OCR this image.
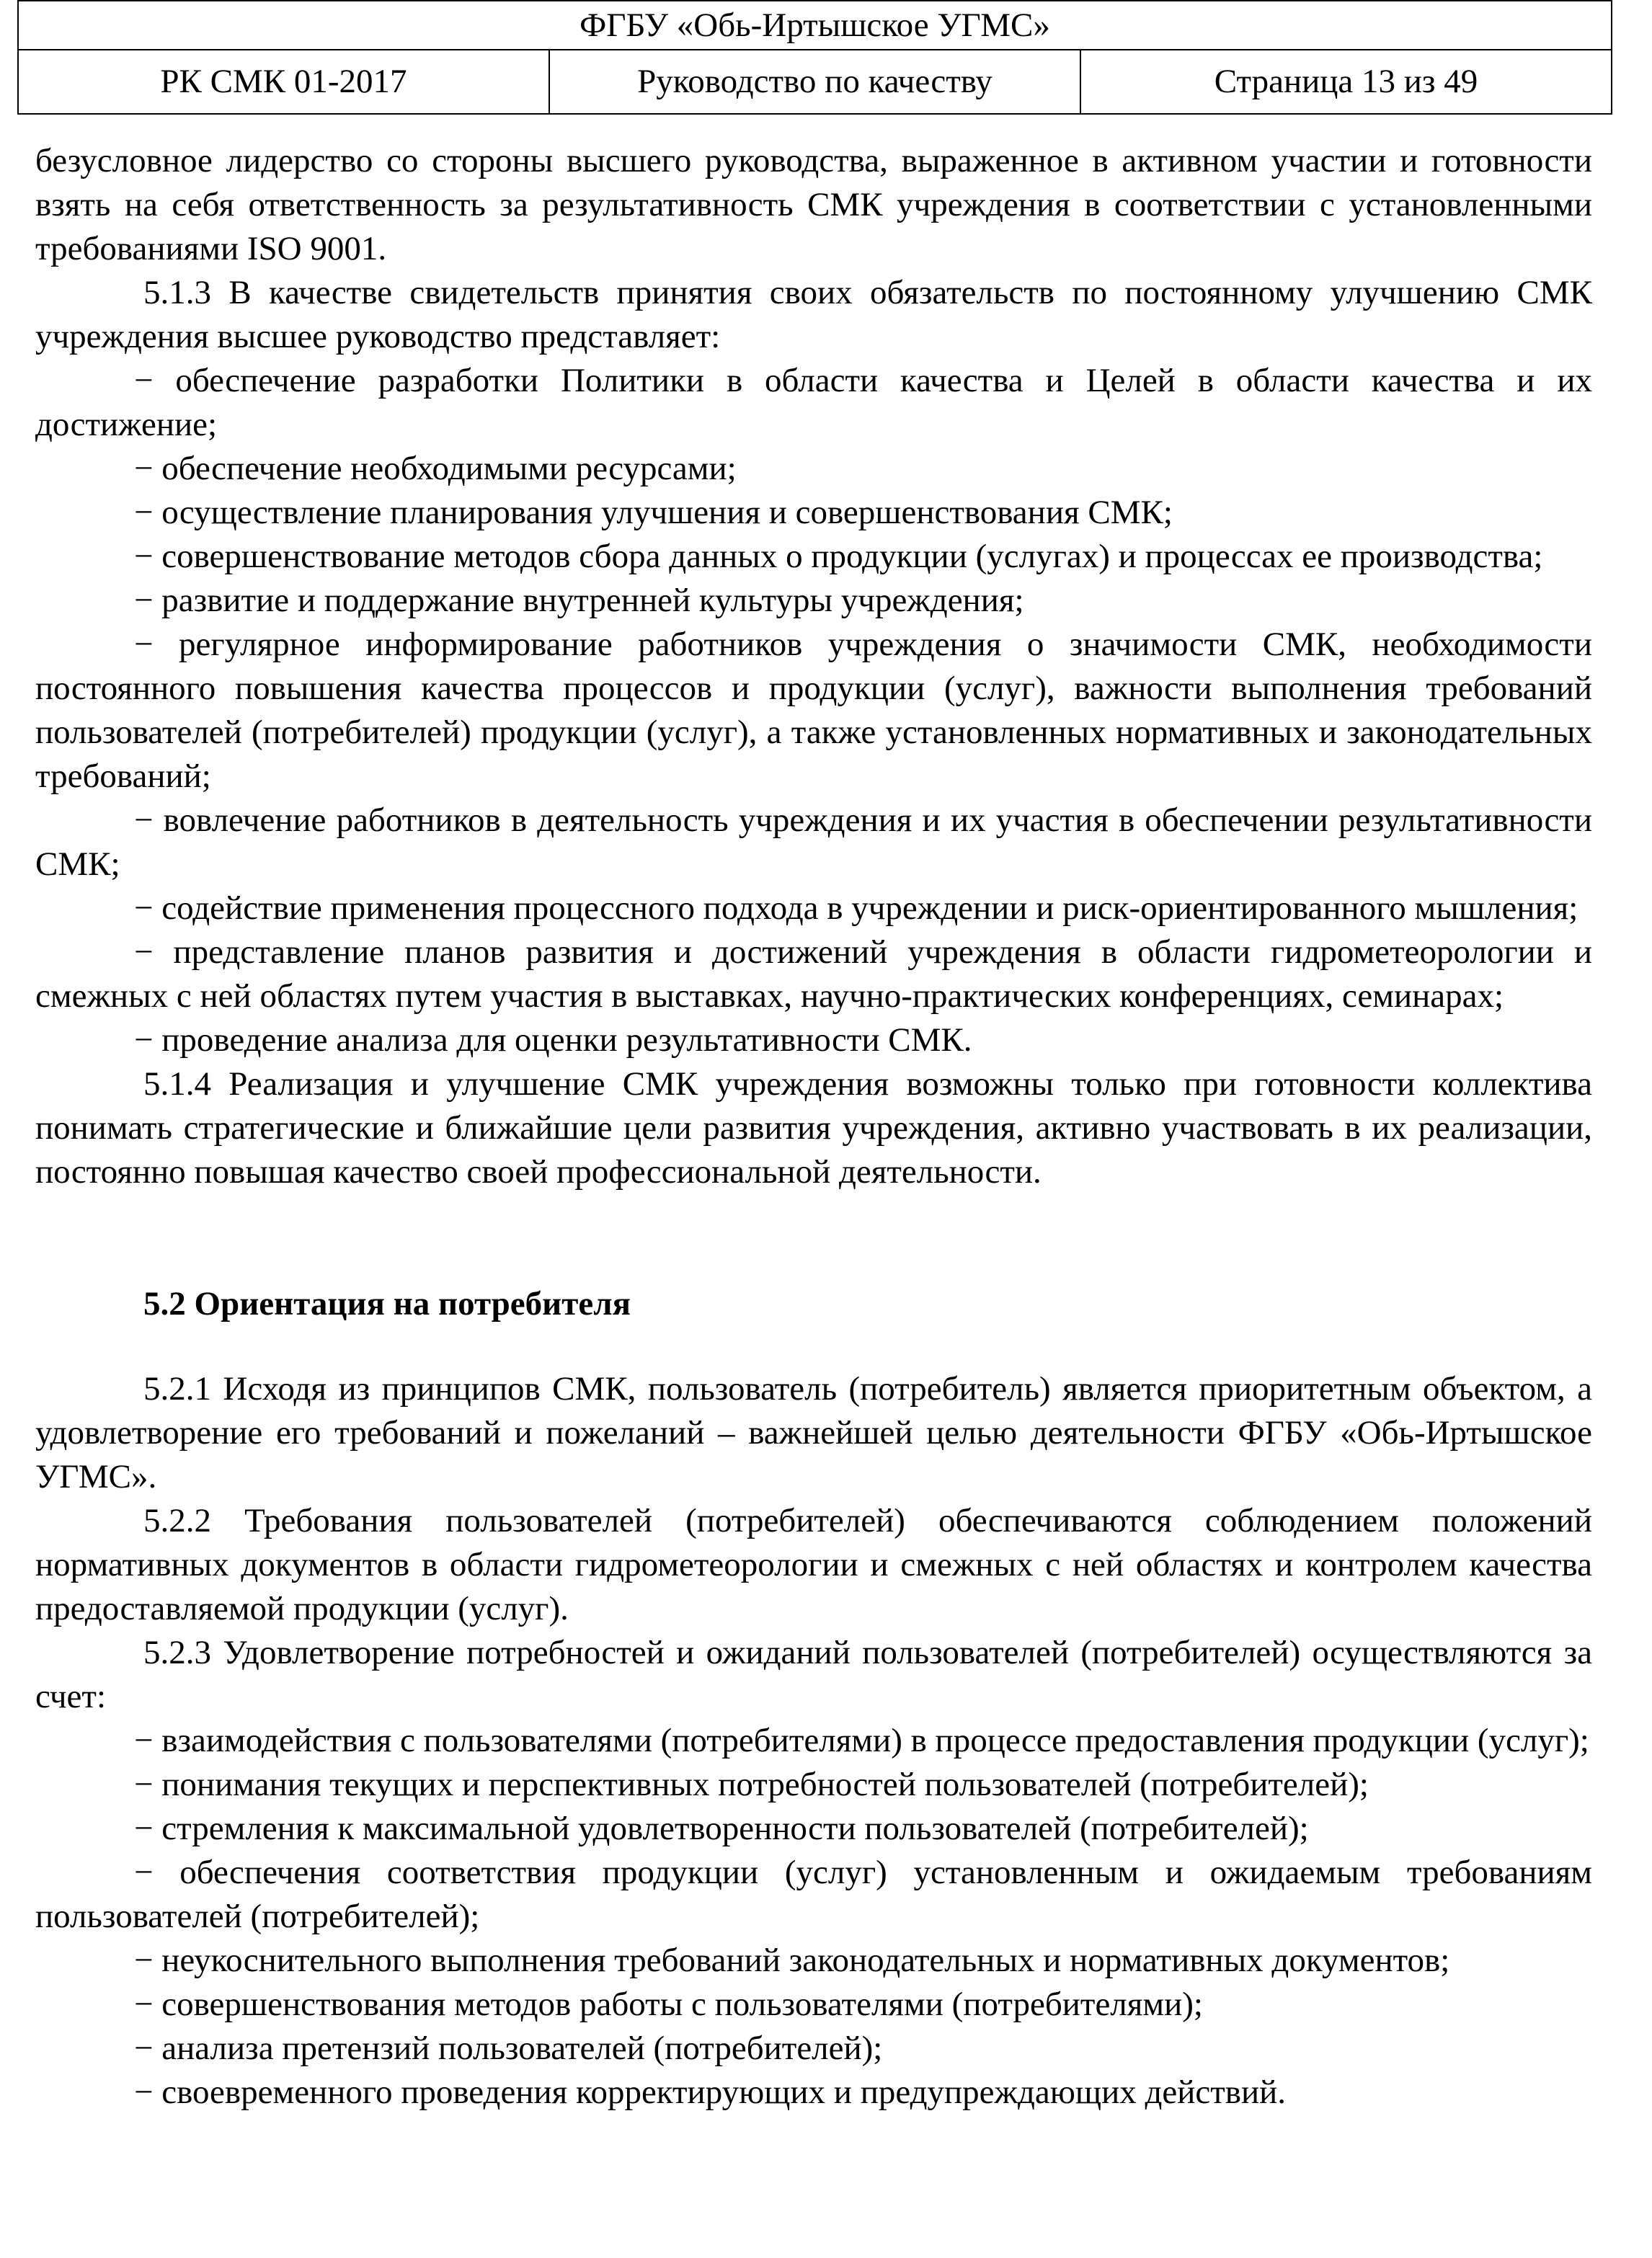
ФГБУ «Обь-Иртышское УГМС»
РК СМК 01-2017	Руководство по качеству	Страница 13 из 49

безусловное лидерство со стороны высшего руководства, выраженное в активном участии и готовности взять на себя ответственность за результативность СМК учреждения в соответствии с установленными требованиями ISO 9001.

5.1.3 В качестве свидетельств принятия своих обязательств по постоянному улучшению СМК учреждения высшее руководство представляет:

− обеспечение разработки Политики в области качества и Целей в области качества и их достижение;

− обеспечение необходимыми ресурсами;

− осуществление планирования улучшения и совершенствования СМК;

− совершенствование методов сбора данных о продукции (услугах) и процессах ее производства;

− развитие и поддержание внутренней культуры учреждения;

− регулярное информирование работников учреждения о значимости СМК, необходимости постоянного повышения качества процессов и продукции (услуг), важности выполнения требований пользователей (потребителей) продукции (услуг), а также установленных нормативных и законодательных требований;

− вовлечение работников в деятельность учреждения и их участия в обеспечении результативности СМК;

− содействие применения процессного подхода в учреждении и риск-ориентированного мышления;

− представление планов развития и достижений учреждения в области гидрометеорологии и смежных с ней областях путем участия в выставках, научно-практических конференциях, семинарах;

− проведение анализа для оценки результативности СМК.

5.1.4 Реализация и улучшение СМК учреждения возможны только при готовности коллектива понимать стратегические и ближайшие цели развития учреждения, активно участвовать в их реализации, постоянно повышая качество своей профессиональной деятельности.

5.2 Ориентация на потребителя

5.2.1 Исходя из принципов СМК, пользователь (потребитель) является приоритетным объектом, а удовлетворение его требований и пожеланий – важнейшей целью деятельности ФГБУ «Обь-Иртышское УГМС».

5.2.2 Требования пользователей (потребителей) обеспечиваются соблюдением положений нормативных документов в области гидрометеорологии и смежных с ней областях и контролем качества предоставляемой продукции (услуг).

5.2.3 Удовлетворение потребностей и ожиданий пользователей (потребителей) осуществляются за счет:

− взаимодействия с пользователями (потребителями) в процессе предоставления продукции (услуг);

− понимания текущих и перспективных потребностей пользователей (потребителей);

− стремления к максимальной удовлетворенности пользователей (потребителей);

− обеспечения соответствия продукции (услуг) установленным и ожидаемым требованиям пользователей (потребителей);

− неукоснительного выполнения требований законодательных и нормативных документов;

− совершенствования методов работы с пользователями (потребителями);

− анализа претензий пользователей (потребителей);

− своевременного проведения корректирующих и предупреждающих действий.
